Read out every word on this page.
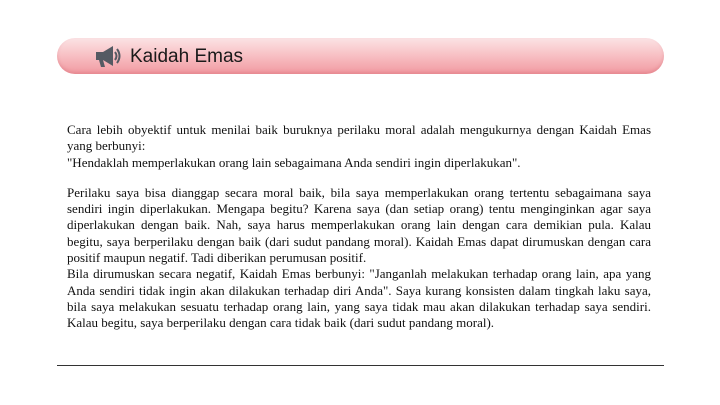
Kaidah Emas

Cara lebih obyektif untuk menilai baik buruknya perilaku moral adalah mengukurnya dengan Kaidah Emas yang berbunyi:

"Hendaklah memperlakukan orang lain sebagaimana Anda sendiri ingin diperlakukan".

Perilaku saya bisa dianggap secara moral baik, bila saya memperlakukan orang tertentu sebagaimana saya sendiri ingin diperlakukan. Mengapa begitu? Karena saya (dan setiap orang) tentu menginginkan agar saya diperlakukan dengan baik. Nah, saya harus memperlakukan orang lain dengan cara demikian pula. Kalau begitu, saya berperilaku dengan baik (dari sudut pandang moral). Kaidah Emas dapat dirumuskan dengan cara positif maupun negatif. Tadi diberikan perumusan positif.

Bila dirumuskan secara negatif, Kaidah Emas berbunyi: "Janganlah melakukan terhadap orang lain, apa yang Anda sendiri tidak ingin akan dilakukan terhadap diri Anda". Saya kurang konsisten dalam tingkah laku saya, bila saya melakukan sesuatu terhadap orang lain, yang saya tidak mau akan dilakukan terhadap saya sendiri. Kalau begitu, saya berperilaku dengan cara tidak baik (dari sudut pandang moral).
